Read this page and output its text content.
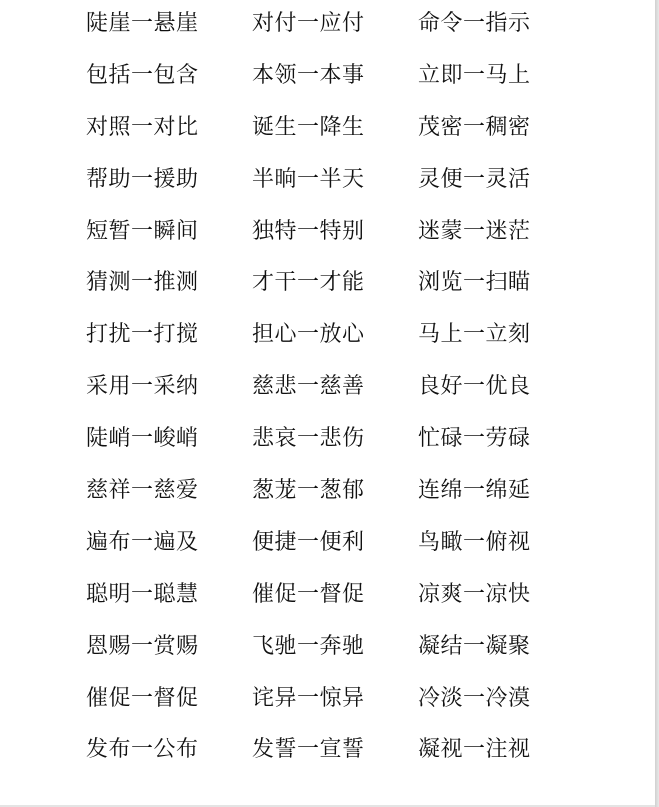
陡崖一悬崖	对付一应付	命令一指示
包括一包含	本领一本事	立即一马上
对照一对比	诞生一降生	茂密一稠密
帮助一援助	半晌一半天	灵便一灵活
短暂一瞬间	独特一特别	迷蒙一迷茫
猜测一推测	才干一才能	浏览一扫瞄
打扰一打搅	担心一放心	马上一立刻
采用一采纳	慈悲一慈善	良好一优良
陡峭一峻峭	悲哀一悲伤	忙碌一劳碌
慈祥一慈爱	葱茏一葱郁	连绵一绵延
遍布一遍及	便捷一便利	鸟瞰一俯视
聪明一聪慧	催促一督促	凉爽一凉快
恩赐一赏赐	飞驰一奔驰	凝结一凝聚
催促一督促	诧异一惊异	冷淡一冷漠
发布一公布	发誓一宣誓	凝视一注视
